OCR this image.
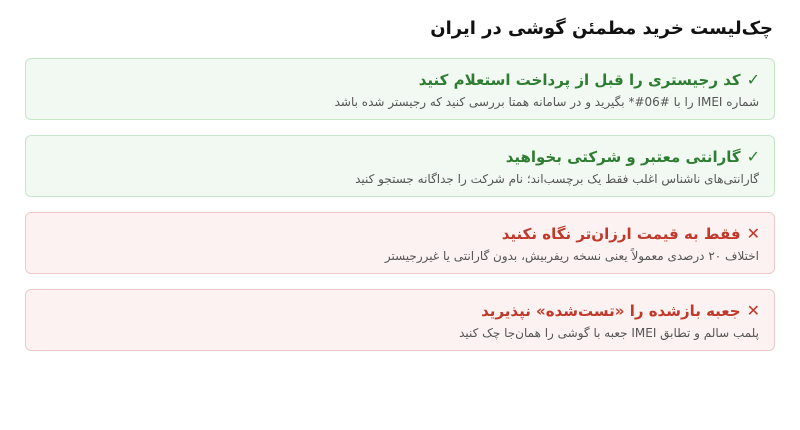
چک‌لیست خرید مطمئن گوشی در ایران
✓
کد رجیستری را قبل از پرداخت استعلام کنید
شماره IMEI را با ‎*#06#‎ بگیرید و در سامانه همتا بررسی کنید که رجیستر شده باشد
✓
گارانتی معتبر و شرکتی بخواهید
گارانتی‌های ناشناس اغلب فقط یک برچسب‌اند؛ نام شرکت را جداگانه جستجو کنید
✕
فقط به قیمت ارزان‌تر نگاه نکنید
اختلاف ۲۰ درصدی معمولاً یعنی نسخه ریفربیش، بدون گارانتی یا غیررجیستر
✕
جعبه بازشده را «تست‌شده» نپذیرید
پلمب سالم و تطابق IMEI جعبه با گوشی را همان‌جا چک کنید
